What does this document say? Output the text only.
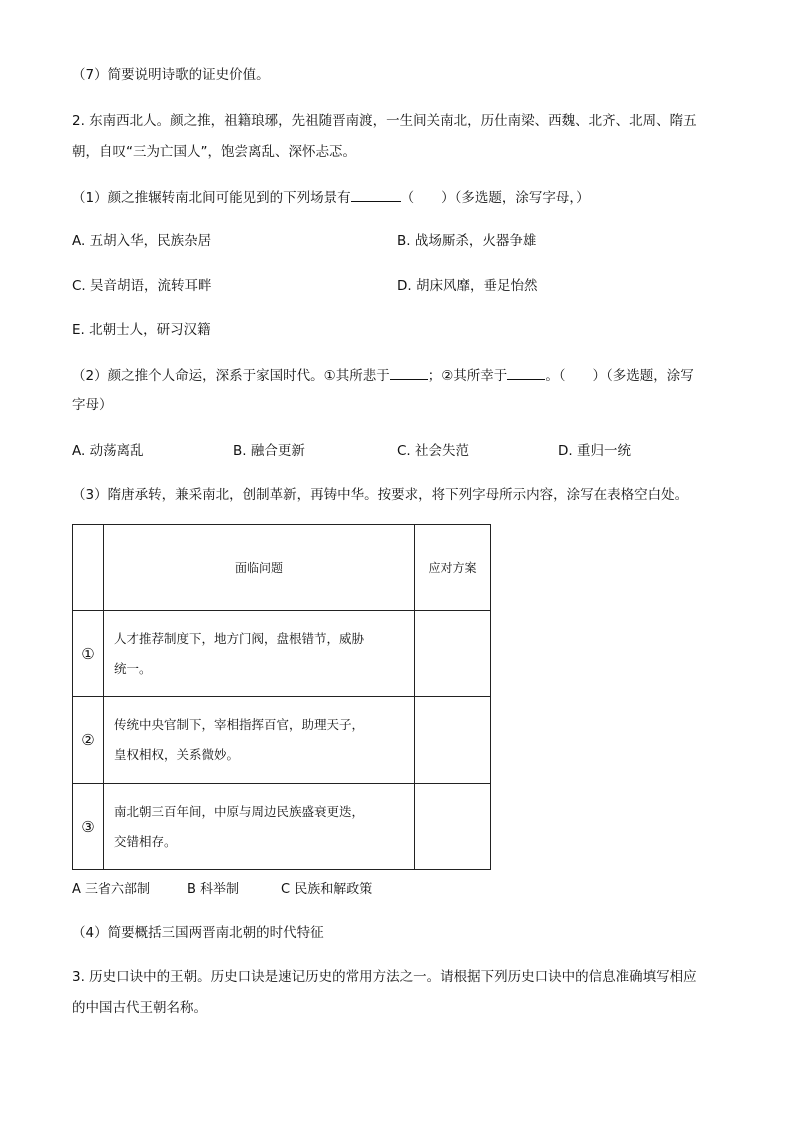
（7）简要说明诗歌的证史价值。
2. 东南西北人。颜之推，祖籍琅琊，先祖随晋南渡，一生间关南北，历仕南梁、西魏、北齐、北周、隋五
朝，自叹“三为亡国人”，饱尝离乱、深怀忐忑。
（1）颜之推辗转南北间可能见到的下列场景有	（　　）（多选题，涂写字母，）
A. 五胡入华，民族杂居	B. 战场厮杀，火器争雄
C. 吴音胡语，流转耳畔	D. 胡床风靡，垂足怡然
E. 北朝士人，研习汉籍
（2）颜之推个人命运，深系于家国时代。①其所悲于	；②其所幸于	。（　　）（多选题，涂写
字母）
A. 动荡离乱	B. 融合更新	C. 社会失范	D. 重归一统
（3）隋唐承转，兼采南北，创制革新，再铸中华。按要求，将下列字母所示内容，涂写在表格空白处。
	面临问题	应对方案
①	人才推荐制度下，地方门阀，盘根错节，威胁
统一。	

②	传统中央官制下，宰相指挥百官，助理天子，
皇权相权，关系微妙。	

③	南北朝三百年间，中原与周边民族盛衰更迭，
交错相存。	

A 三省六部制	B 科举制	C 民族和解政策
（4）简要概括三国两晋南北朝的时代特征
3. 历史口诀中的王朝。历史口诀是速记历史的常用方法之一。请根据下列历史口诀中的信息准确填写相应
的中国古代王朝名称。
